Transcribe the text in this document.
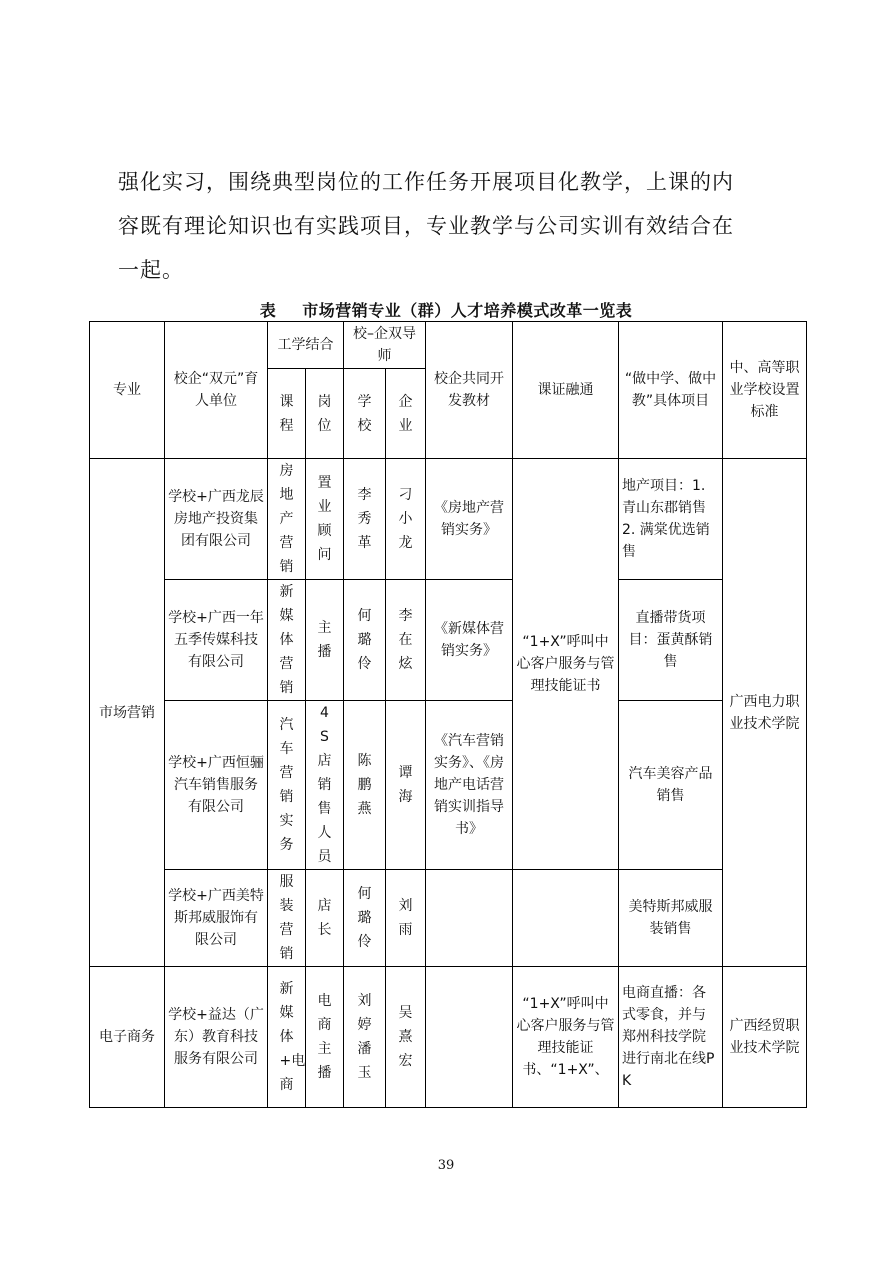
强化实习，围绕典型岗位的工作任务开展项目化教学，上课的内
容既有理论知识也有实践项目，专业教学与公司实训有效结合在
一起。
表 市场营销专业（群）人才培养模式改革一览表
专业	校企“双元”育人单位	工学结合		校–企双导师		校企共同开发教材	课证融通	“做中学、做中教”具体项目	中、高等职业学校设置标准
		课程	岗位	学校	企业				
市场营销	学校+广西龙辰房地产投资集团有限公司	房地产营销	置业顾问	李秀革	刁小龙	《房地产营销实务》	“1+X”呼叫中心客户服务与管理技能证书	地产项目：1. 青山东郡销售 2. 满棠优选销售	广西电力职业技术学院
	学校+广西一年五季传媒科技有限公司	新媒体营销	主播	何璐伶	李在炫	《新媒体营销实务》		直播带货项目：蛋黄酥销售	
	学校+广西恒骊汽车销售服务有限公司	汽车营销实务	4S店销售人员	陈鹏燕	谭海	《汽车营销实务》、《房地产电话营销实训指导书》		汽车美容产品销售	
	学校+广西美特斯邦威服饰有限公司	服装营销	店长	何璐伶	刘雨			美特斯邦威服装销售	
电子商务	学校+益达（广东）教育科技服务有限公司	新媒体+电商	电商主播	刘婷 潘玉	吴熹宏		“1+X”呼叫中心客户服务与管理技能证书、“1+X”、	电商直播：各式零食，并与郑州科技学院进行南北在线PK	广西经贸职业技术学院
39
